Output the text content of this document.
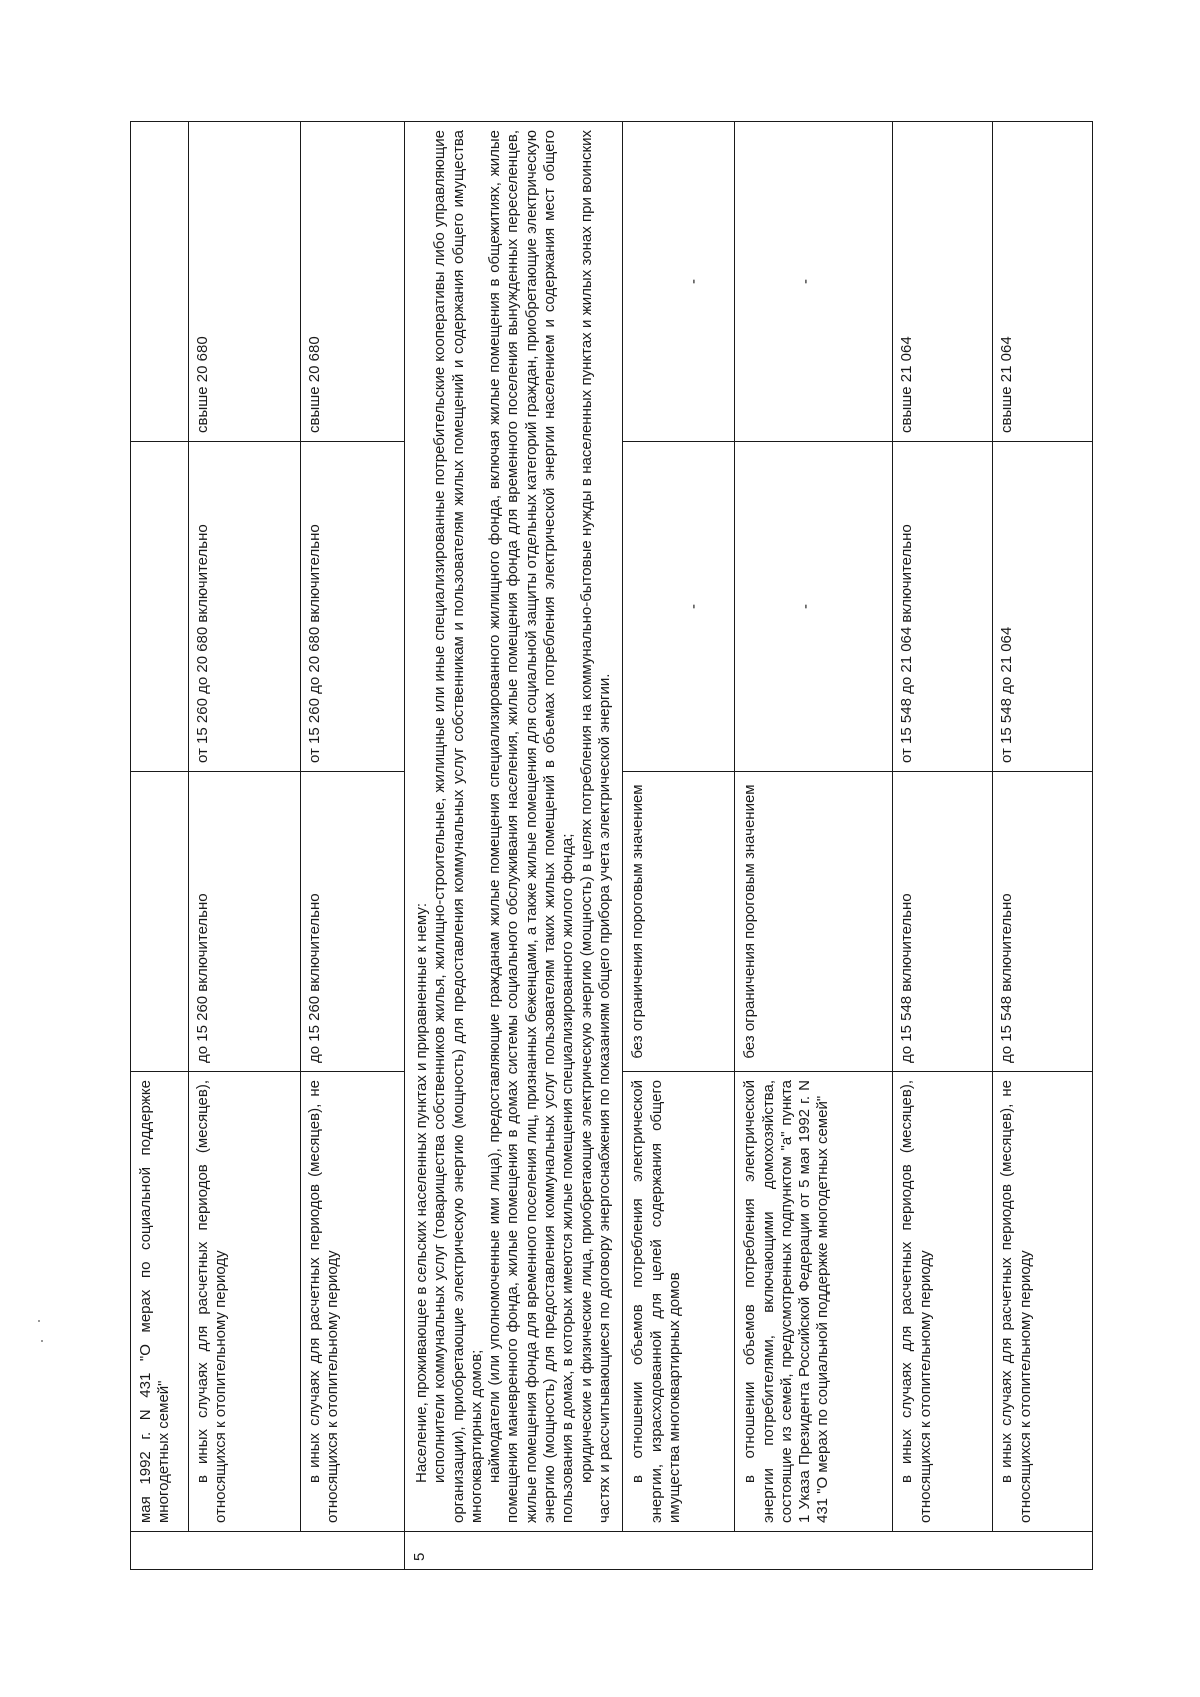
	мая 1992 г. N 431 "О мерах по социальной поддержке многодетных семей"			
	в иных случаях для расчетных периодов (месяцев), относящихся к отопительному периоду	до 15 260 включительно	от 15 260 до 20 680 включительно	свыше 20 680
	в иных случаях для расчетных периодов (месяцев), не относящихся к отопительному периоду	до 15 260 включительно	от 15 260 до 20 680 включительно	свыше 20 680
5	Население, проживающее в сельских населенных пунктах и приравненные к нему: исполнители коммунальных услуг (товарищества собственников жилья, жилищно-строительные, жилищные или иные специализированные потребительские кооперативы либо управляющие организации), приобретающие электрическую энергию (мощность) для предоставления коммунальных услуг собственникам и пользователям жилых помещений и содержания общего имущества многоквартирных домов; наймодатели (или уполномоченные ими лица), предоставляющие гражданам жилые помещения специализированного жилищного фонда, включая жилые помещения в общежитиях, жилые помещения маневренного фонда, жилые помещения в домах системы социального обслуживания населения, жилые помещения фонда для временного поселения вынужденных переселенцев, жилые помещения фонда для временного поселения лиц, признанных беженцами, а также жилые помещения для социальной защиты отдельных категорий граждан, приобретающие электрическую энергию (мощность) для предоставления коммунальных услуг пользователям таких жилых помещений в объемах потребления электрической энергии населением и содержания мест общего пользования в домах, в которых имеются жилые помещения специализированного жилого фонда; юридические и физические лица, приобретающие электрическую энергию (мощность) в целях потребления на коммунально-бытовые нужды в населенных пунктах и жилых зонах при воинских частях и рассчитывающиеся по договору энергоснабжения по показаниям общего прибора учета электрической энергии.			

	в отношении объемов потребления электрической энергии, израсходованной для целей содержания общего имущества многоквартирных домов	без ограничения пороговым значением	-	-
	в отношении объемов потребления электрической энергии потребителями, включающими домохозяйства, состоящие из семей, предусмотренных подпунктом "а" пункта 1 Указа Президента Российской Федерации от 5 мая 1992 г. N 431 "О мерах по социальной поддержке многодетных семей"	без ограничения пороговым значением	-	-
	в иных случаях для расчетных периодов (месяцев), относящихся к отопительному периоду	до 15 548 включительно	от 15 548 до 21 064 включительно	свыше 21 064
	в иных случаях для расчетных периодов (месяцев), не относящихся к отопительному периоду	до 15 548 включительно	от 15 548 до 21 064	свыше 21 064
